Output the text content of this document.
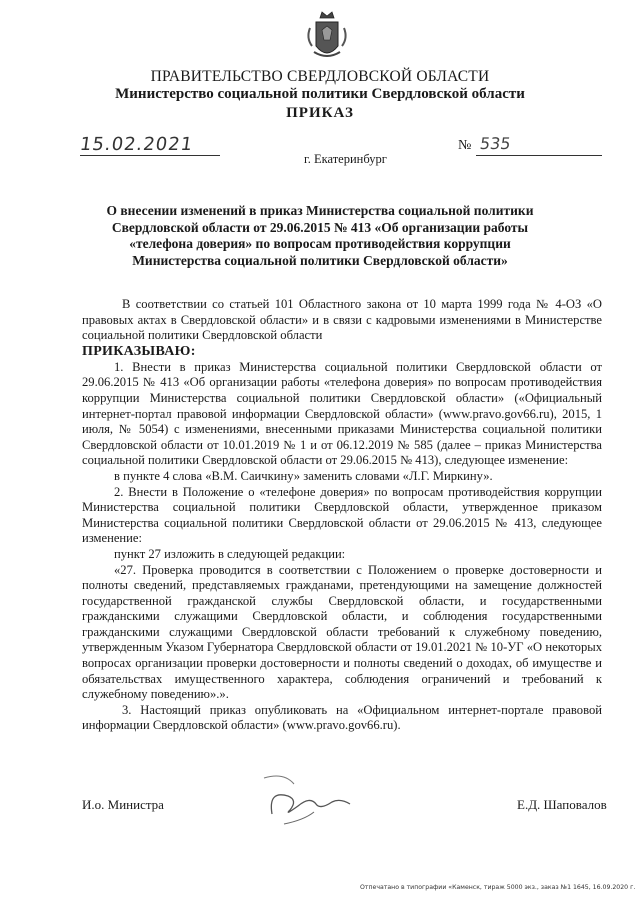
ПРАВИТЕЛЬСТВО СВЕРДЛОВСКОЙ ОБЛАСТИ
Министерство социальной политики Свердловской области
ПРИКАЗ
15.02.2021	№ 535
г. Екатеринбург
О внесении изменений в приказ Министерства социальной политики
Свердловской области от 29.06.2015 № 413 «Об организации работы
«телефона доверия» по вопросам противодействия коррупции
Министерства социальной политики Свердловской области»

В соответствии со статьей 101 Областного закона от 10 марта 1999 года № 4-ОЗ «О правовых актах в Свердловской области» и в связи с кадровыми изменениями в Министерстве социальной политики Свердловской области

ПРИКАЗЫВАЮ:

1. Внести в приказ Министерства социальной политики Свердловской области от 29.06.2015 № 413 «Об организации работы «телефона доверия» по вопросам противодействия коррупции Министерства социальной политики Свердловской области» («Официальный интернет-портал правовой информации Свердловской области» (www.pravo.gov66.ru), 2015, 1 июля, № 5054) с изменениями, внесенными приказами Министерства социальной политики Свердловской области от 10.01.2019 № 1 и от 06.12.2019 № 585 (далее – приказ Министерства социальной политики Свердловской области от 29.06.2015 № 413), следующее изменение:

в пункте 4 слова «В.М. Саичкину» заменить словами «Л.Г. Миркину».

2. Внести в Положение о «телефоне доверия» по вопросам противодействия коррупции Министерства социальной политики Свердловской области, утвержденное приказом Министерства социальной политики Свердловской области от 29.06.2015 № 413, следующее изменение:

пункт 27 изложить в следующей редакции:

«27. Проверка проводится в соответствии с Положением о проверке достоверности и полноты сведений, представляемых гражданами, претендующими на замещение должностей государственной гражданской службы Свердловской области, и государственными гражданскими служащими Свердловской области, и соблюдения государственными гражданскими служащими Свердловской области требований к служебному поведению, утвержденным Указом Губернатора Свердловской области от 19.01.2021 № 10-УГ «О некоторых вопросах организации проверки достоверности и полноты сведений о доходах, об имуществе и обязательствах имущественного характера, соблюдения ограничений и требований к служебному поведению».».

3. Настоящий приказ опубликовать на «Официальном интернет-портале правовой информации Свердловской области» (www.pravo.gov66.ru).

И.о. Министра	Е.Д. Шаповалов
Отпечатано в типографии «Каменск, тираж 5000 экз., заказ №1 1645, 16.09.2020 г.
